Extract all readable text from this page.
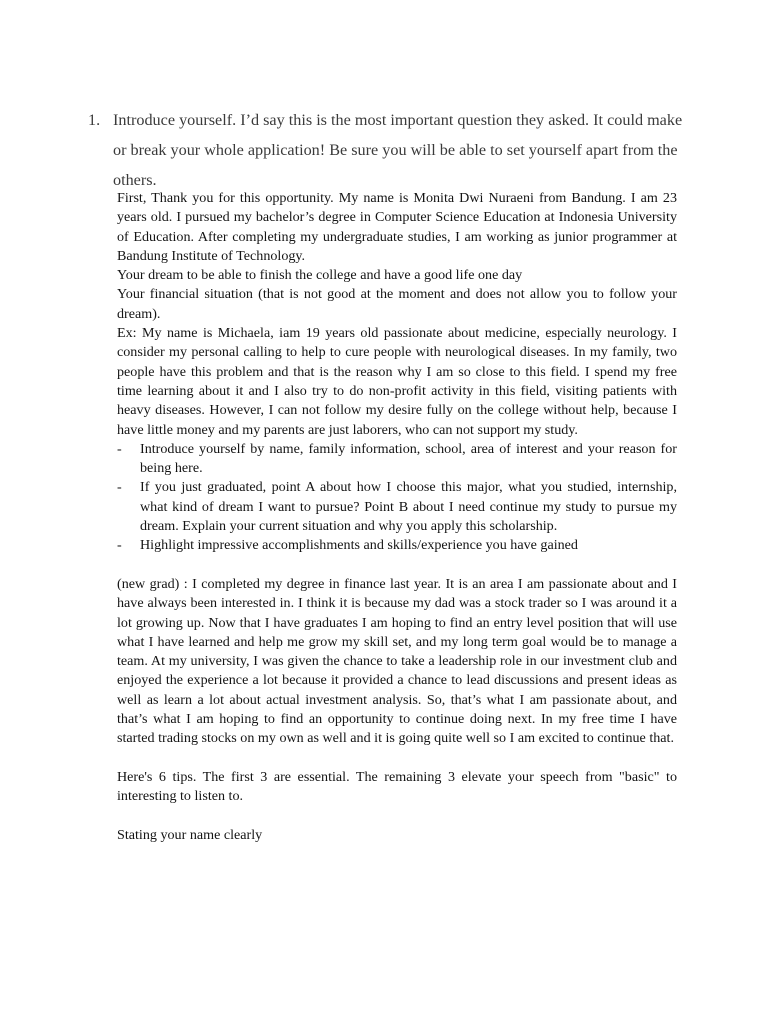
1. Introduce yourself. I’d say this is the most important question they asked. It could make or break your whole application! Be sure you will be able to set yourself apart from the others.

First, Thank you for this opportunity. My name is Monita Dwi Nuraeni from Bandung. I am 23 years old. I pursued my bachelor’s degree in Computer Science Education at Indonesia University of Education. After completing my undergraduate studies, I am working as junior programmer at Bandung Institute of Technology.

Your dream to be able to finish the college and have a good life one day

Your financial situation (that is not good at the moment and does not allow you to follow your dream).

Ex: My name is Michaela, iam 19 years old passionate about medicine, especially neurology. I consider my personal calling to help to cure people with neurological diseases. In my family, two people have this problem and that is the reason why I am so close to this field. I spend my free time learning about it and I also try to do non-profit activity in this field, visiting patients with heavy diseases. However, I can not follow my desire fully on the college without help, because I have little money and my parents are just laborers, who can not support my study.

- Introduce yourself by name, family information, school, area of interest and your reason for being here.
- If you just graduated, point A about how I choose this major, what you studied, internship, what kind of dream I want to pursue? Point B about I need continue my study to pursue my dream. Explain your current situation and why you apply this scholarship.
- Highlight impressive accomplishments and skills/experience you have gained

(new grad) : I completed my degree in finance last year. It is an area I am passionate about and I have always been interested in. I think it is because my dad was a stock trader so I was around it a lot growing up. Now that I have graduates I am hoping to find an entry level position that will use what I have learned and help me grow my skill set, and my long term goal would be to manage a team. At my university, I was given the chance to take a leadership role in our investment club and enjoyed the experience a lot because it provided a chance to lead discussions and present ideas as well as learn a lot about actual investment analysis. So, that’s what I am passionate about, and that’s what I am hoping to find an opportunity to continue doing next. In my free time I have started trading stocks on my own as well and it is going quite well so I am excited to continue that.

Here's 6 tips. The first 3 are essential. The remaining 3 elevate your speech from "basic" to interesting to listen to.

Stating your name clearly
